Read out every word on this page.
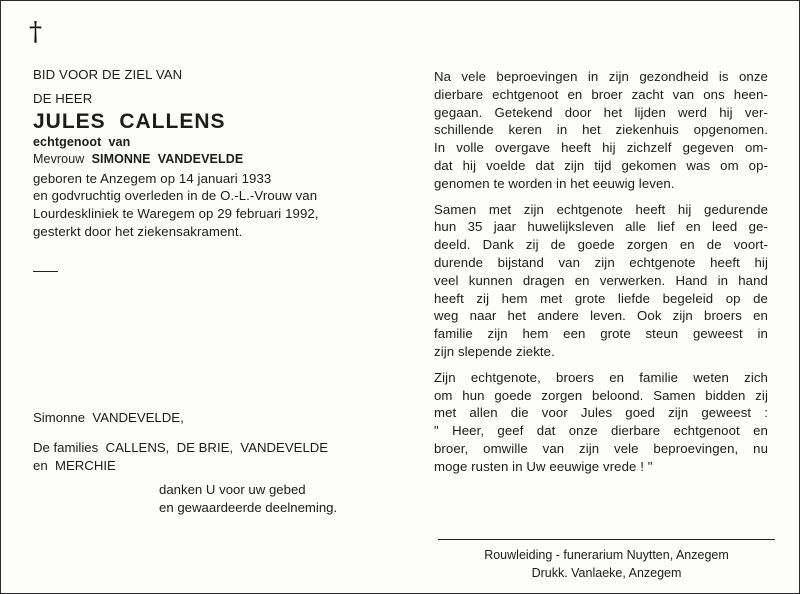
†
BID VOOR DE ZIEL VAN
DE HEER
JULES  CALLENS
echtgenoot  van
Mevrouw SIMONNE  VANDEVELDE
geboren te Anzegem op 14 januari 1933
en godvruchtig overleden in de O.-L.-Vrouw van
Lourdeskliniek te Waregem op 29 februari 1992,
gesterkt door het ziekensakrament.
Simonne  VANDEVELDE,
De families  CALLENS,  DE BRIE,  VANDEVELDE
en  MERCHIE
danken U voor uw gebed
en gewaardeerde deelneming.
Na vele beproevingen in zijn gezondheid is onze
dierbare echtgenoot en broer zacht van ons heen-
gegaan. Getekend door het lijden werd hij ver-
schillende keren in het ziekenhuis opgenomen.
In volle overgave heeft hij zichzelf gegeven om-
dat hij voelde dat zijn tijd gekomen was om op-
genomen te worden in het eeuwig leven.
Samen met zijn echtgenote heeft hij gedurende
hun 35 jaar huwelijksleven alle lief en leed ge-
deeld. Dank zij de goede zorgen en de voort-
durende bijstand van zijn echtgenote heeft hij
veel kunnen dragen en verwerken. Hand in hand
heeft zij hem met grote liefde begeleid op de
weg naar het andere leven. Ook zijn broers en
familie zijn hem een grote steun geweest in
zijn slepende ziekte.
Zijn echtgenote, broers en familie weten zich
om hun goede zorgen beloond. Samen bidden zij
met allen die voor Jules goed zijn geweest :
" Heer, geef dat onze dierbare echtgenoot en
broer, omwille van zijn vele beproevingen, nu
moge rusten in Uw eeuwige vrede ! "
Rouwleiding - funerarium Nuytten, Anzegem
Drukk. Vanlaeke, Anzegem
